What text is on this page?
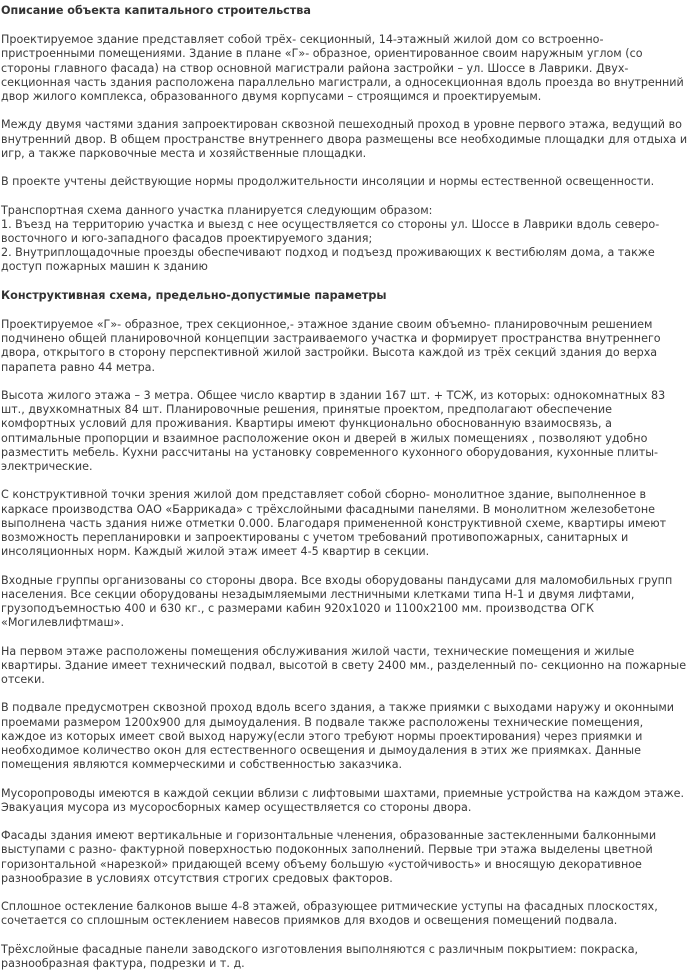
Описание объекта капитального строительства

Проектируемое здание представляет собой трёх- секционный, 14-этажный жилой дом со встроенно-пристроенными помещениями. Здание в плане «Г»- образное, ориентированное своим наружным углом (со стороны главного фасада) на створ основной магистрали района застройки – ул. Шоссе в Лаврики. Двух- секционная часть здания расположена параллельно магистрали, а односекционная вдоль проезда во внутренний двор жилого комплекса, образованного двумя корпусами – строящимся и проектируемым.

Между двумя частями здания запроектирован сквозной пешеходный проход в уровне первого этажа, ведущий во внутренний двор. В общем пространстве внутреннего двора размещены все необходимые площадки для отдыха и игр, а также парковочные места и хозяйственные площадки.

В проекте учтены действующие нормы продолжительности инсоляции и нормы естественной освещенности.

Транспортная схема данного участка планируется следующим образом:
1. Въезд на территорию участка и выезд с нее осуществляется со стороны ул. Шоссе в Лаврики вдоль северо-восточного и юго-западного фасадов проектируемого здания;
2. Внутриплощадочные проезды обеспечивают подход и подъезд проживающих к вестибюлям дома, а также доступ пожарных машин к зданию

Конструктивная схема, предельно-допустимые параметры

Проектируемое «Г»- образное, трех секционное,- этажное здание своим объемно- планировочным решением подчинено общей планировочной концепции застраиваемого участка и формирует пространства внутреннего двора, открытого в сторону перспективной жилой застройки. Высота каждой из трёх секций здания до верха парапета равно 44 метра.

Высота жилого этажа – 3 метра. Общее число квартир в здании 167 шт. + ТСЖ, из которых: однокомнатных 83 шт., двухкомнатных 84 шт. Планировочные решения, принятые проектом, предполагают обеспечение комфортных условий для проживания. Квартиры имеют функционально обоснованную взаимосвязь, а оптимальные пропорции и взаимное расположение окон и дверей в жилых помещениях , позволяют удобно разместить мебель. Кухни рассчитаны на установку современного кухонного оборудования, кухонные плиты- электрические.

С конструктивной точки зрения жилой дом представляет собой сборно- монолитное здание, выполненное в каркасе производства ОАО «Баррикада» с трёхслойными фасадными панелями. В монолитном железобетоне выполнена часть здания ниже отметки 0.000. Благодаря примененной конструктивной схеме, квартиры имеют возможность перепланировки и запроектированы с учетом требований противопожарных, санитарных и инсоляционных норм. Каждый жилой этаж имеет 4-5 квартир в секции.

Входные группы организованы со стороны двора. Все входы оборудованы пандусами для маломобильных групп населения. Все секции оборудованы незадымляемыми лестничными клетками типа Н-1 и двумя лифтами, грузоподъемностью 400 и 630 кг., с размерами кабин 920x1020 и 1100x2100 мм. производства ОГК «Могилевлифтмаш».

На первом этаже расположены помещения обслуживания жилой части, технические помещения и жилые квартиры. Здание имеет технический подвал, высотой в свету 2400 мм., разделенный по- секционно на пожарные отсеки.

В подвале предусмотрен сквозной проход вдоль всего здания, а также приямки с выходами наружу и оконными проемами размером 1200x900 для дымоудаления. В подвале также расположены технические помещения, каждое из которых имеет свой выход наружу(если этого требуют нормы проектирования) через приямки и необходимое количество окон для естественного освещения и дымоудаления в этих же приямках. Данные помещения являются коммерческими и собственностью заказчика.

Мусоропроводы имеются в каждой секции вблизи с лифтовыми шахтами, приемные устройства на каждом этаже. Эвакуация мусора из мусоросборных камер осуществляется со стороны двора.

Фасады здания имеют вертикальные и горизонтальные членения, образованные застекленными балконными выступами с разно- фактурной поверхностью подоконных заполнений. Первые три этажа выделены цветной горизонтальной «нарезкой» придающей всему объему большую «устойчивость» и вносящую декоративное разнообразие в условиях отсутствия строгих средовых факторов.

Сплошное остекление балконов выше 4-8 этажей, образующее ритмические уступы на фасадных плоскостях, сочетается со сплошным остеклением навесов приямков для входов и освещения помещений подвала.

Трёхслойные фасадные панели заводского изготовления выполняются с различным покрытием: покраска, разнообразная фактура, подрезки и т. д.
